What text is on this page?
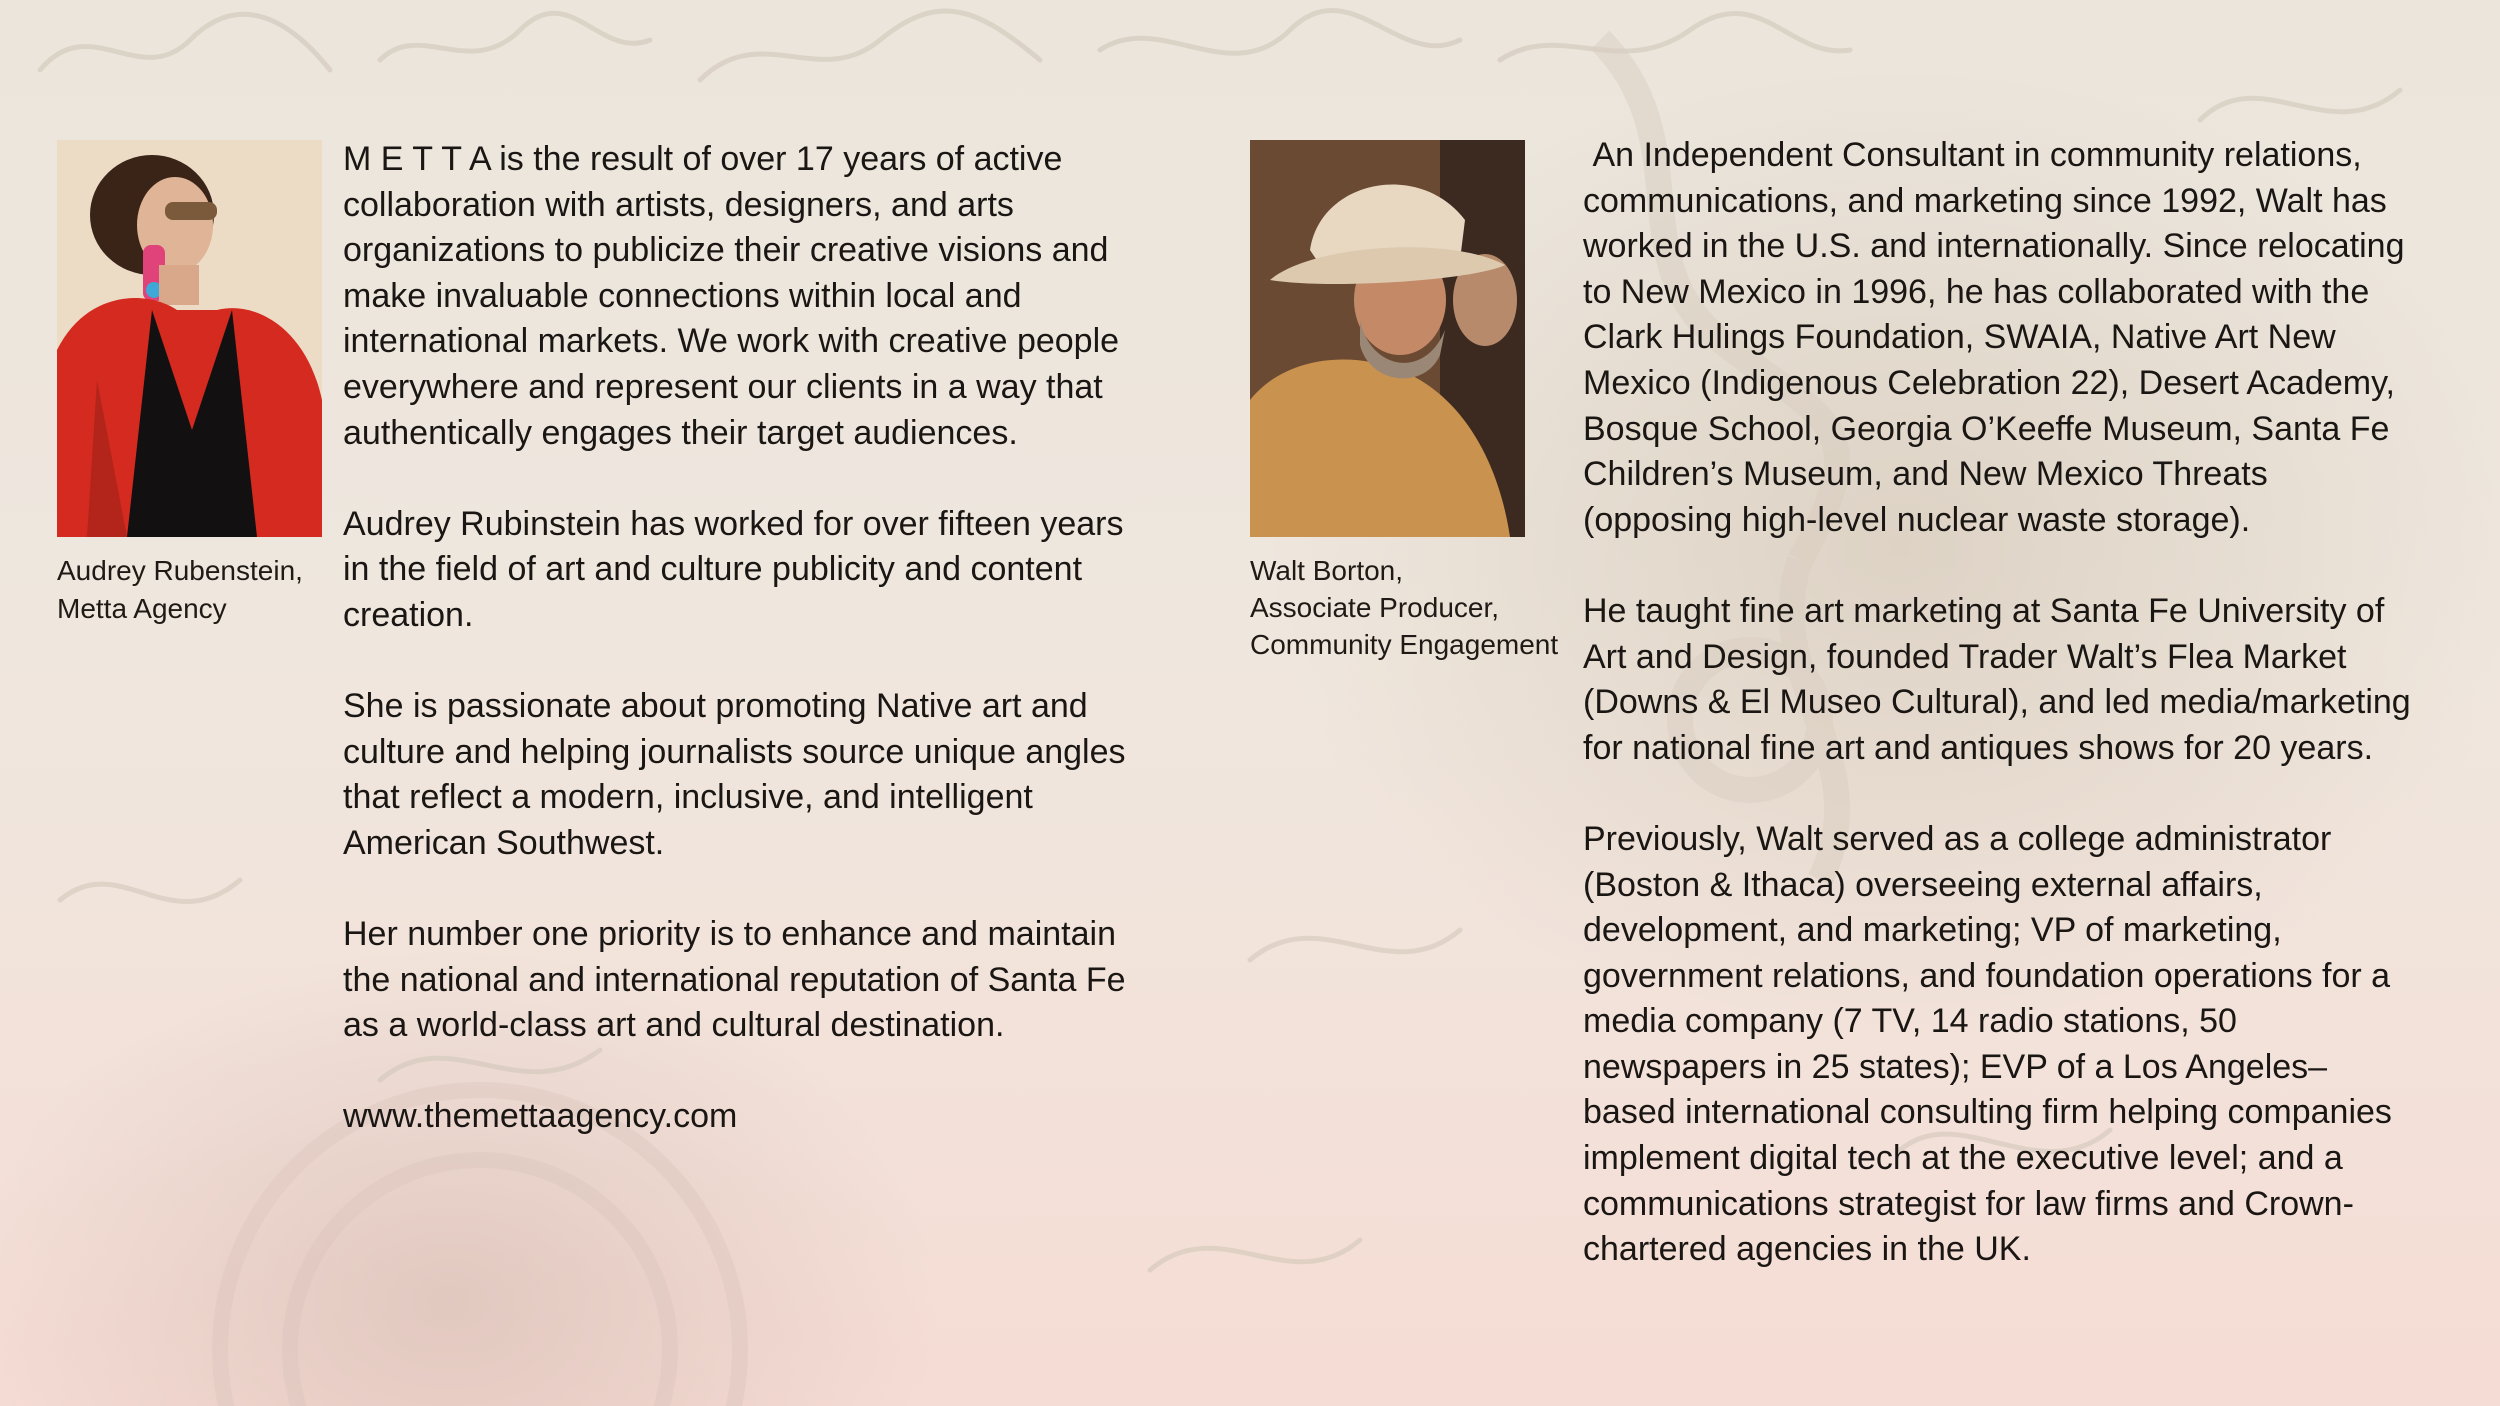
Audrey Rubenstein,
Metta Agency

M E T T A is the result of over 17 years of active collaboration with artists, designers, and arts organizations to publicize their creative visions and make invaluable connections within local and international markets. We work with creative people everywhere and represent our clients in a way that authentically engages their target audiences.

Audrey Rubinstein has worked for over fifteen years in the field of art and culture publicity and content creation.

She is passionate about promoting Native art and culture and helping journalists source unique angles that reflect a modern, inclusive, and intelligent American Southwest.

Her number one priority is to enhance and maintain the national and international reputation of Santa Fe as a world-class art and cultural destination.

www.themettaagency.com

Walt Borton,
Associate Producer,
Community Engagement

An Independent Consultant in community relations, communications, and marketing since 1992, Walt has worked in the U.S. and internationally. Since relocating to New Mexico in 1996, he has collaborated with the Clark Hulings Foundation, SWAIA, Native Art New Mexico (Indigenous Celebration 22), Desert Academy, Bosque School, Georgia O’Keeffe Museum, Santa Fe Children’s Museum, and New Mexico Threats (opposing high-level nuclear waste storage).

He taught fine art marketing at Santa Fe University of Art and Design, founded Trader Walt’s Flea Market (Downs & El Museo Cultural), and led media/marketing for national fine art and antiques shows for 20 years.

Previously, Walt served as a college administrator (Boston & Ithaca) overseeing external affairs, development, and marketing; VP of marketing, government relations, and foundation operations for a media company (7 TV, 14 radio stations, 50 newspapers in 25 states); EVP of a Los Angeles–based international consulting firm helping companies implement digital tech at the executive level; and a communications strategist for law firms and Crown-chartered agencies in the UK.
